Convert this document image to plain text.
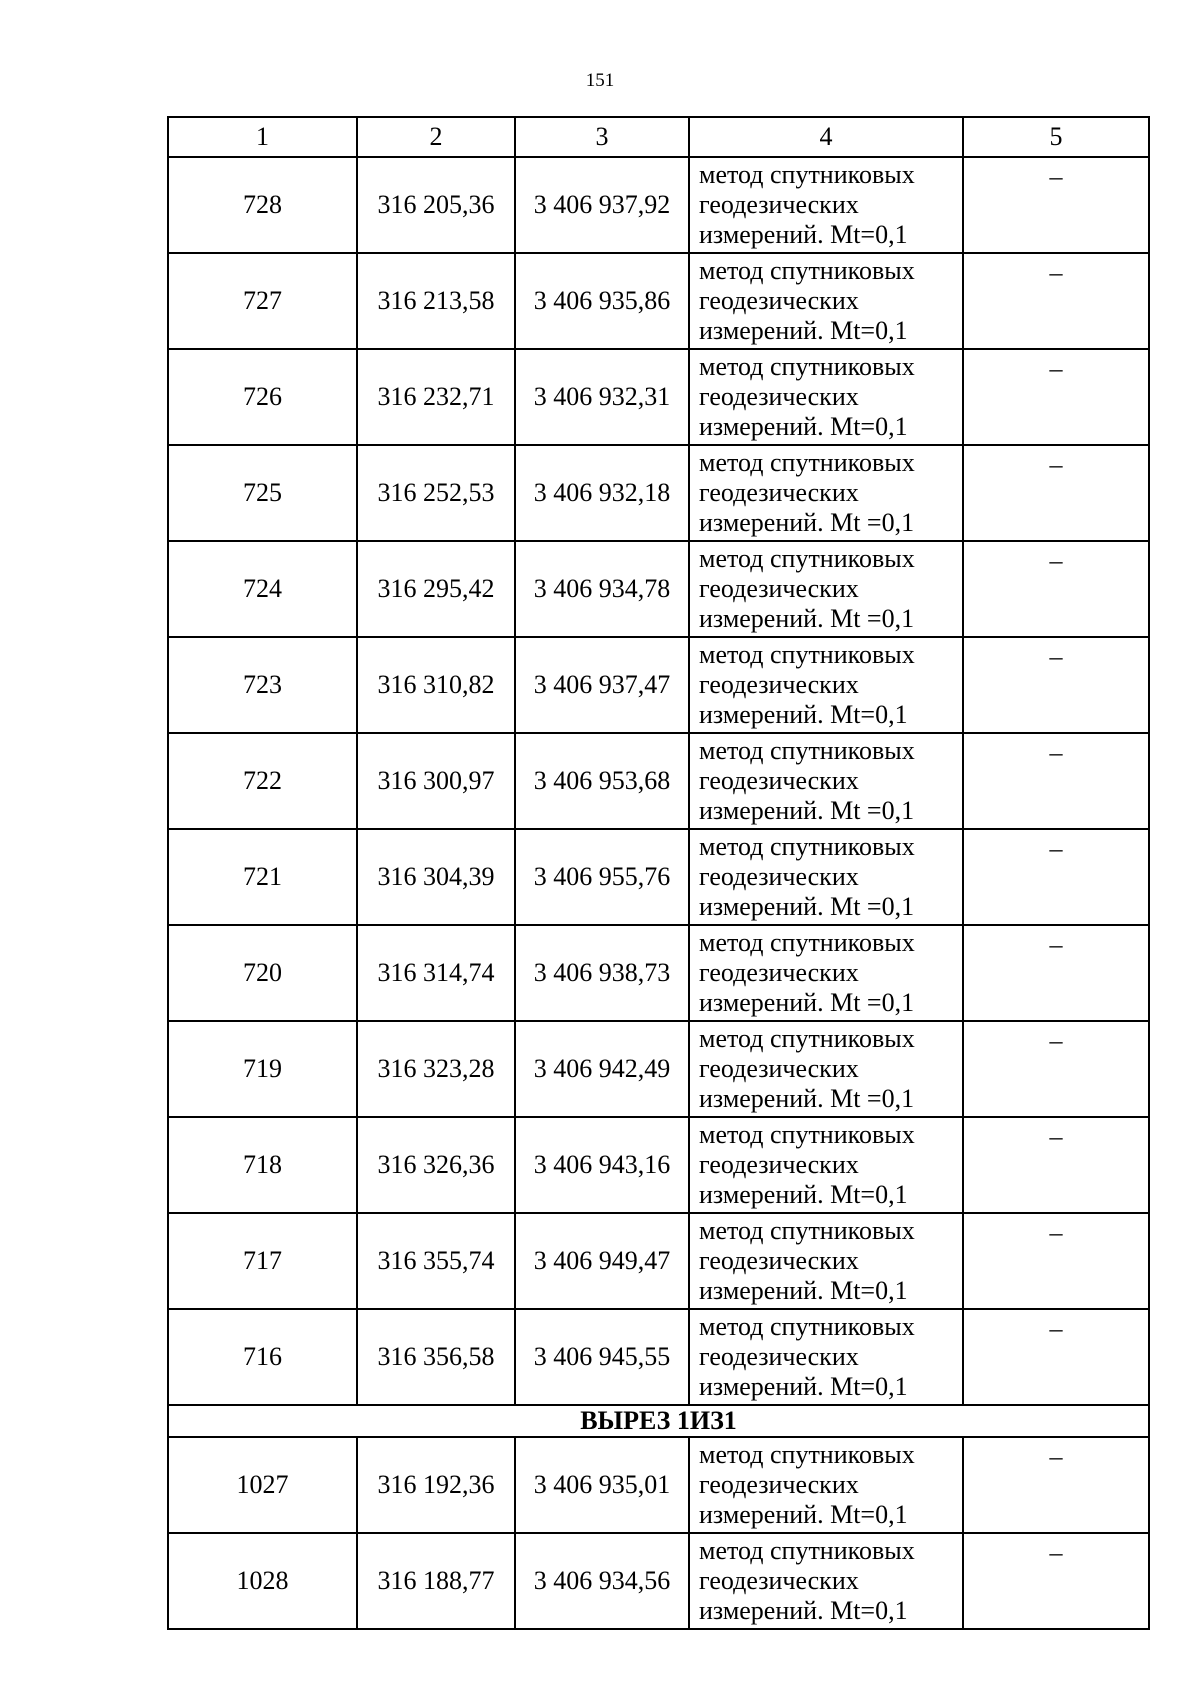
151
1	2	3	4	5
728	316 205,36	3 406 937,92	метод спутниковых
геодезических
измерений. Mt=0,1	–
727	316 213,58	3 406 935,86	метод спутниковых
геодезических
измерений. Mt=0,1	–
726	316 232,71	3 406 932,31	метод спутниковых
геодезических
измерений. Mt=0,1	–
725	316 252,53	3 406 932,18	метод спутниковых
геодезических
измерений. Mt =0,1	–
724	316 295,42	3 406 934,78	метод спутниковых
геодезических
измерений. Mt =0,1	–
723	316 310,82	3 406 937,47	метод спутниковых
геодезических
измерений. Mt=0,1	–
722	316 300,97	3 406 953,68	метод спутниковых
геодезических
измерений. Mt =0,1	–
721	316 304,39	3 406 955,76	метод спутниковых
геодезических
измерений. Mt =0,1	–
720	316 314,74	3 406 938,73	метод спутниковых
геодезических
измерений. Mt =0,1	–
719	316 323,28	3 406 942,49	метод спутниковых
геодезических
измерений. Mt =0,1	–
718	316 326,36	3 406 943,16	метод спутниковых
геодезических
измерений. Mt=0,1	–
717	316 355,74	3 406 949,47	метод спутниковых
геодезических
измерений. Mt=0,1	–
716	316 356,58	3 406 945,55	метод спутниковых
геодезических
измерений. Mt=0,1	–
ВЫРЕЗ 1ИЗ1				
1027	316 192,36	3 406 935,01	метод спутниковых
геодезических
измерений. Mt=0,1	–
1028	316 188,77	3 406 934,56	метод спутниковых
геодезических
измерений. Mt=0,1	–
